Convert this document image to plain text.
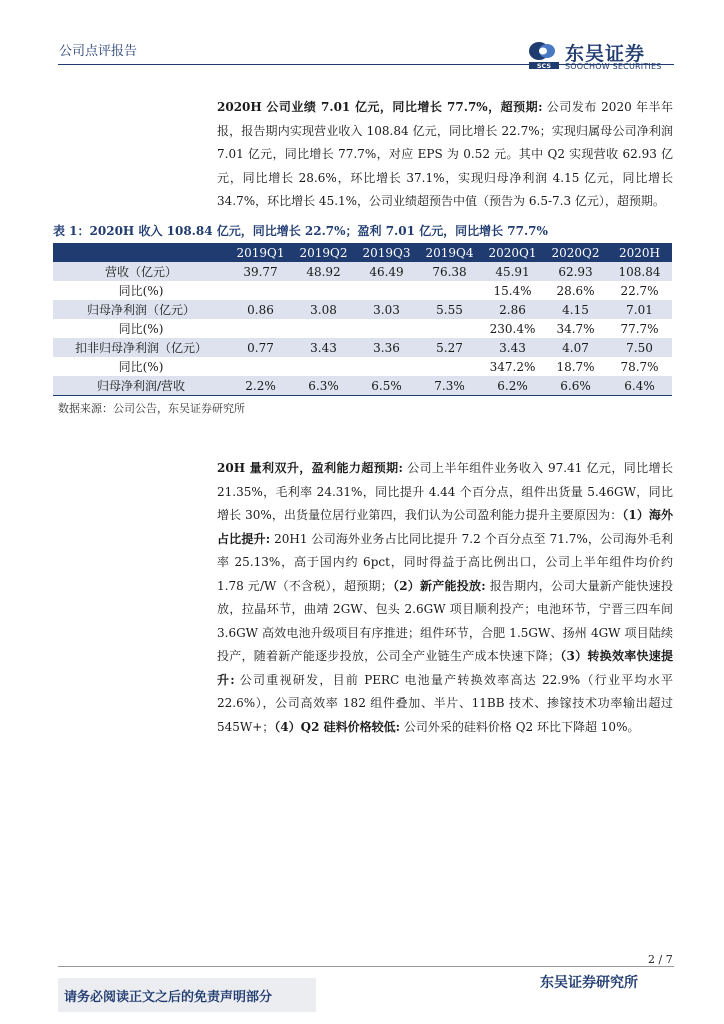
公司点评报告
SCS
东吴证券
SOOCHOW SECURITIES

2020H 公司业绩 7.01 亿元，同比增长 77.7%，超预期: 公司发布 2020 年半年报，报告期内实现营业收入 108.84 亿元，同比增长 22.7%；实现归属母公司净利润 7.01 亿元，同比增长 77.7%，对应 EPS 为 0.52 元。其中 Q2 实现营收 62.93 亿元，同比增长 28.6%，环比增长 37.1%，实现归母净利润 4.15 亿元，同比增长 34.7%，环比增长 45.1%，公司业绩超预告中值（预告为 6.5-7.3 亿元），超预期。

表 1：2020H 收入 108.84 亿元，同比增长 22.7%；盈利 7.01 亿元，同比增长 77.7%
	2019Q1	2019Q2	2019Q3	2019Q4	2020Q1	2020Q2	2020H
营收（亿元）	39.77	48.92	46.49	76.38	45.91	62.93	108.84
同比(%)					15.4%	28.6%	22.7%
归母净利润（亿元）	0.86	3.08	3.03	5.55	2.86	4.15	7.01
同比(%)					230.4%	34.7%	77.7%
扣非归母净利润（亿元）	0.77	3.43	3.36	5.27	3.43	4.07	7.50
同比(%)					347.2%	18.7%	78.7%
归母净利润/营收	2.2%	6.3%	6.5%	7.3%	6.2%	6.6%	6.4%
数据来源：公司公告，东吴证券研究所

20H 量利双升，盈利能力超预期: 公司上半年组件业务收入 97.41 亿元，同比增长 21.35%，毛利率 24.31%，同比提升 4.44 个百分点，组件出货量 5.46GW，同比增长 30%，出货量位居行业第四，我们认为公司盈利能力提升主要原因为：（1）海外占比提升: 20H1 公司海外业务占比同比提升 7.2 个百分点至 71.7%，公司海外毛利率 25.13%，高于国内约 6pct，同时得益于高比例出口，公司上半年组件均价约 1.78 元/W（不含税），超预期；（2）新产能投放: 报告期内，公司大量新产能快速投放，拉晶环节，曲靖 2GW、包头 2.6GW 项目顺利投产；电池环节，宁晋三四车间 3.6GW 高效电池升级项目有序推进；组件环节，合肥 1.5GW、扬州 4GW 项目陆续投产，随着新产能逐步投放，公司全产业链生产成本快速下降；（3）转换效率快速提升: 公司重视研发，目前 PERC 电池量产转换效率高达 22.9%（行业平均水平 22.6%），公司高效率 182 组件叠加、半片、11BB 技术、掺镓技术功率输出超过 545W+；（4）Q2 硅料价格较低: 公司外采的硅料价格 Q2 环比下降超 10%。

2 / 7
请务必阅读正文之后的免责声明部分
东吴证券研究所
